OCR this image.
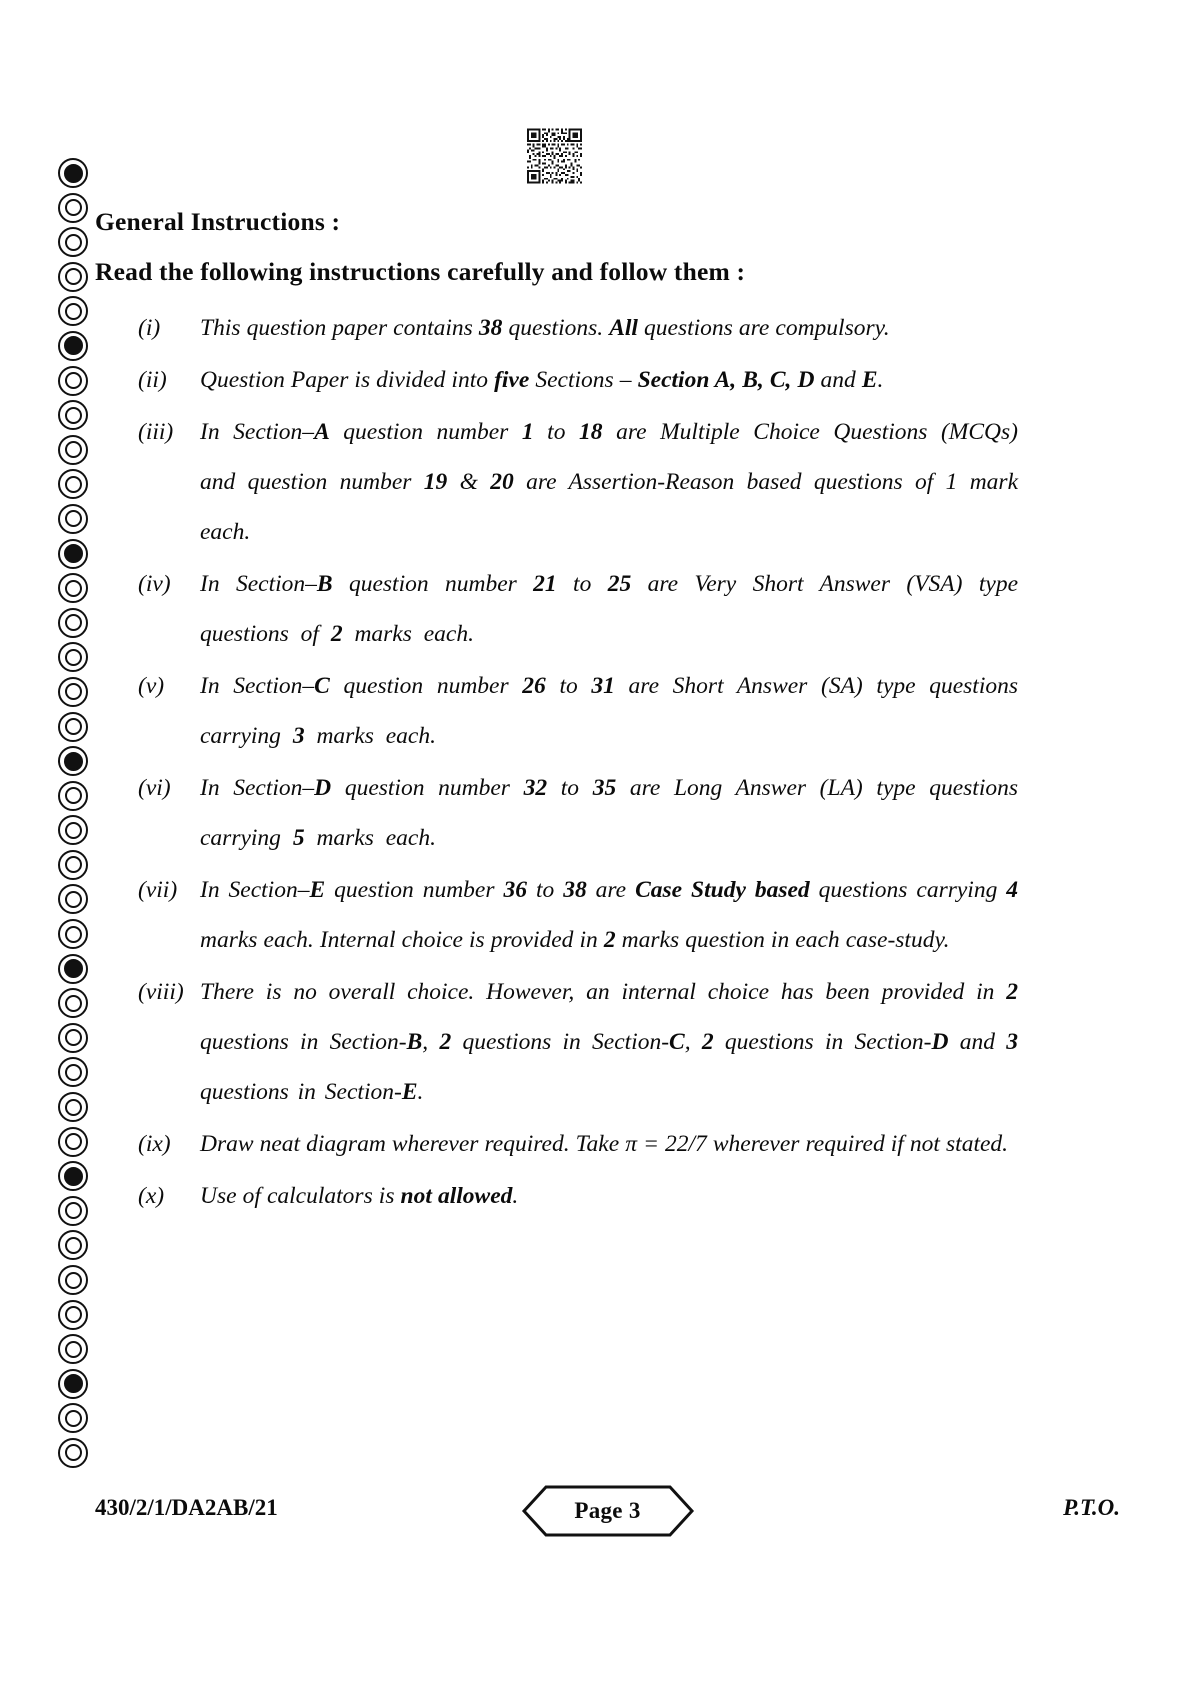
General Instructions :
Read the following instructions carefully and follow them :
(i) This question paper contains 38 questions. All questions are compulsory.
(ii) Question Paper is divided into five Sections – Section A, B, C, D and E.
(iii) In Section–A question number 1 to 18 are Multiple Choice Questions (MCQs) and question number 19 & 20 are Assertion-Reason based questions of 1 mark each.
(iv) In Section–B question number 21 to 25 are Very Short Answer (VSA) type questions of 2 marks each.
(v) In Section–C question number 26 to 31 are Short Answer (SA) type questions carrying 3 marks each.
(vi) In Section–D question number 32 to 35 are Long Answer (LA) type questions carrying 5 marks each.
(vii) In Section–E question number 36 to 38 are Case Study based questions carrying 4 marks each. Internal choice is provided in 2 marks question in each case-study.
(viii) There is no overall choice. However, an internal choice has been provided in 2 questions in Section-B, 2 questions in Section-C, 2 questions in Section-D and 3 questions in Section-E.
(ix) Draw neat diagram wherever required. Take π = 22/7 wherever required if not stated.
(x) Use of calculators is not allowed.
430/2/1/DA2AB/21	Page 3	P.T.O.
